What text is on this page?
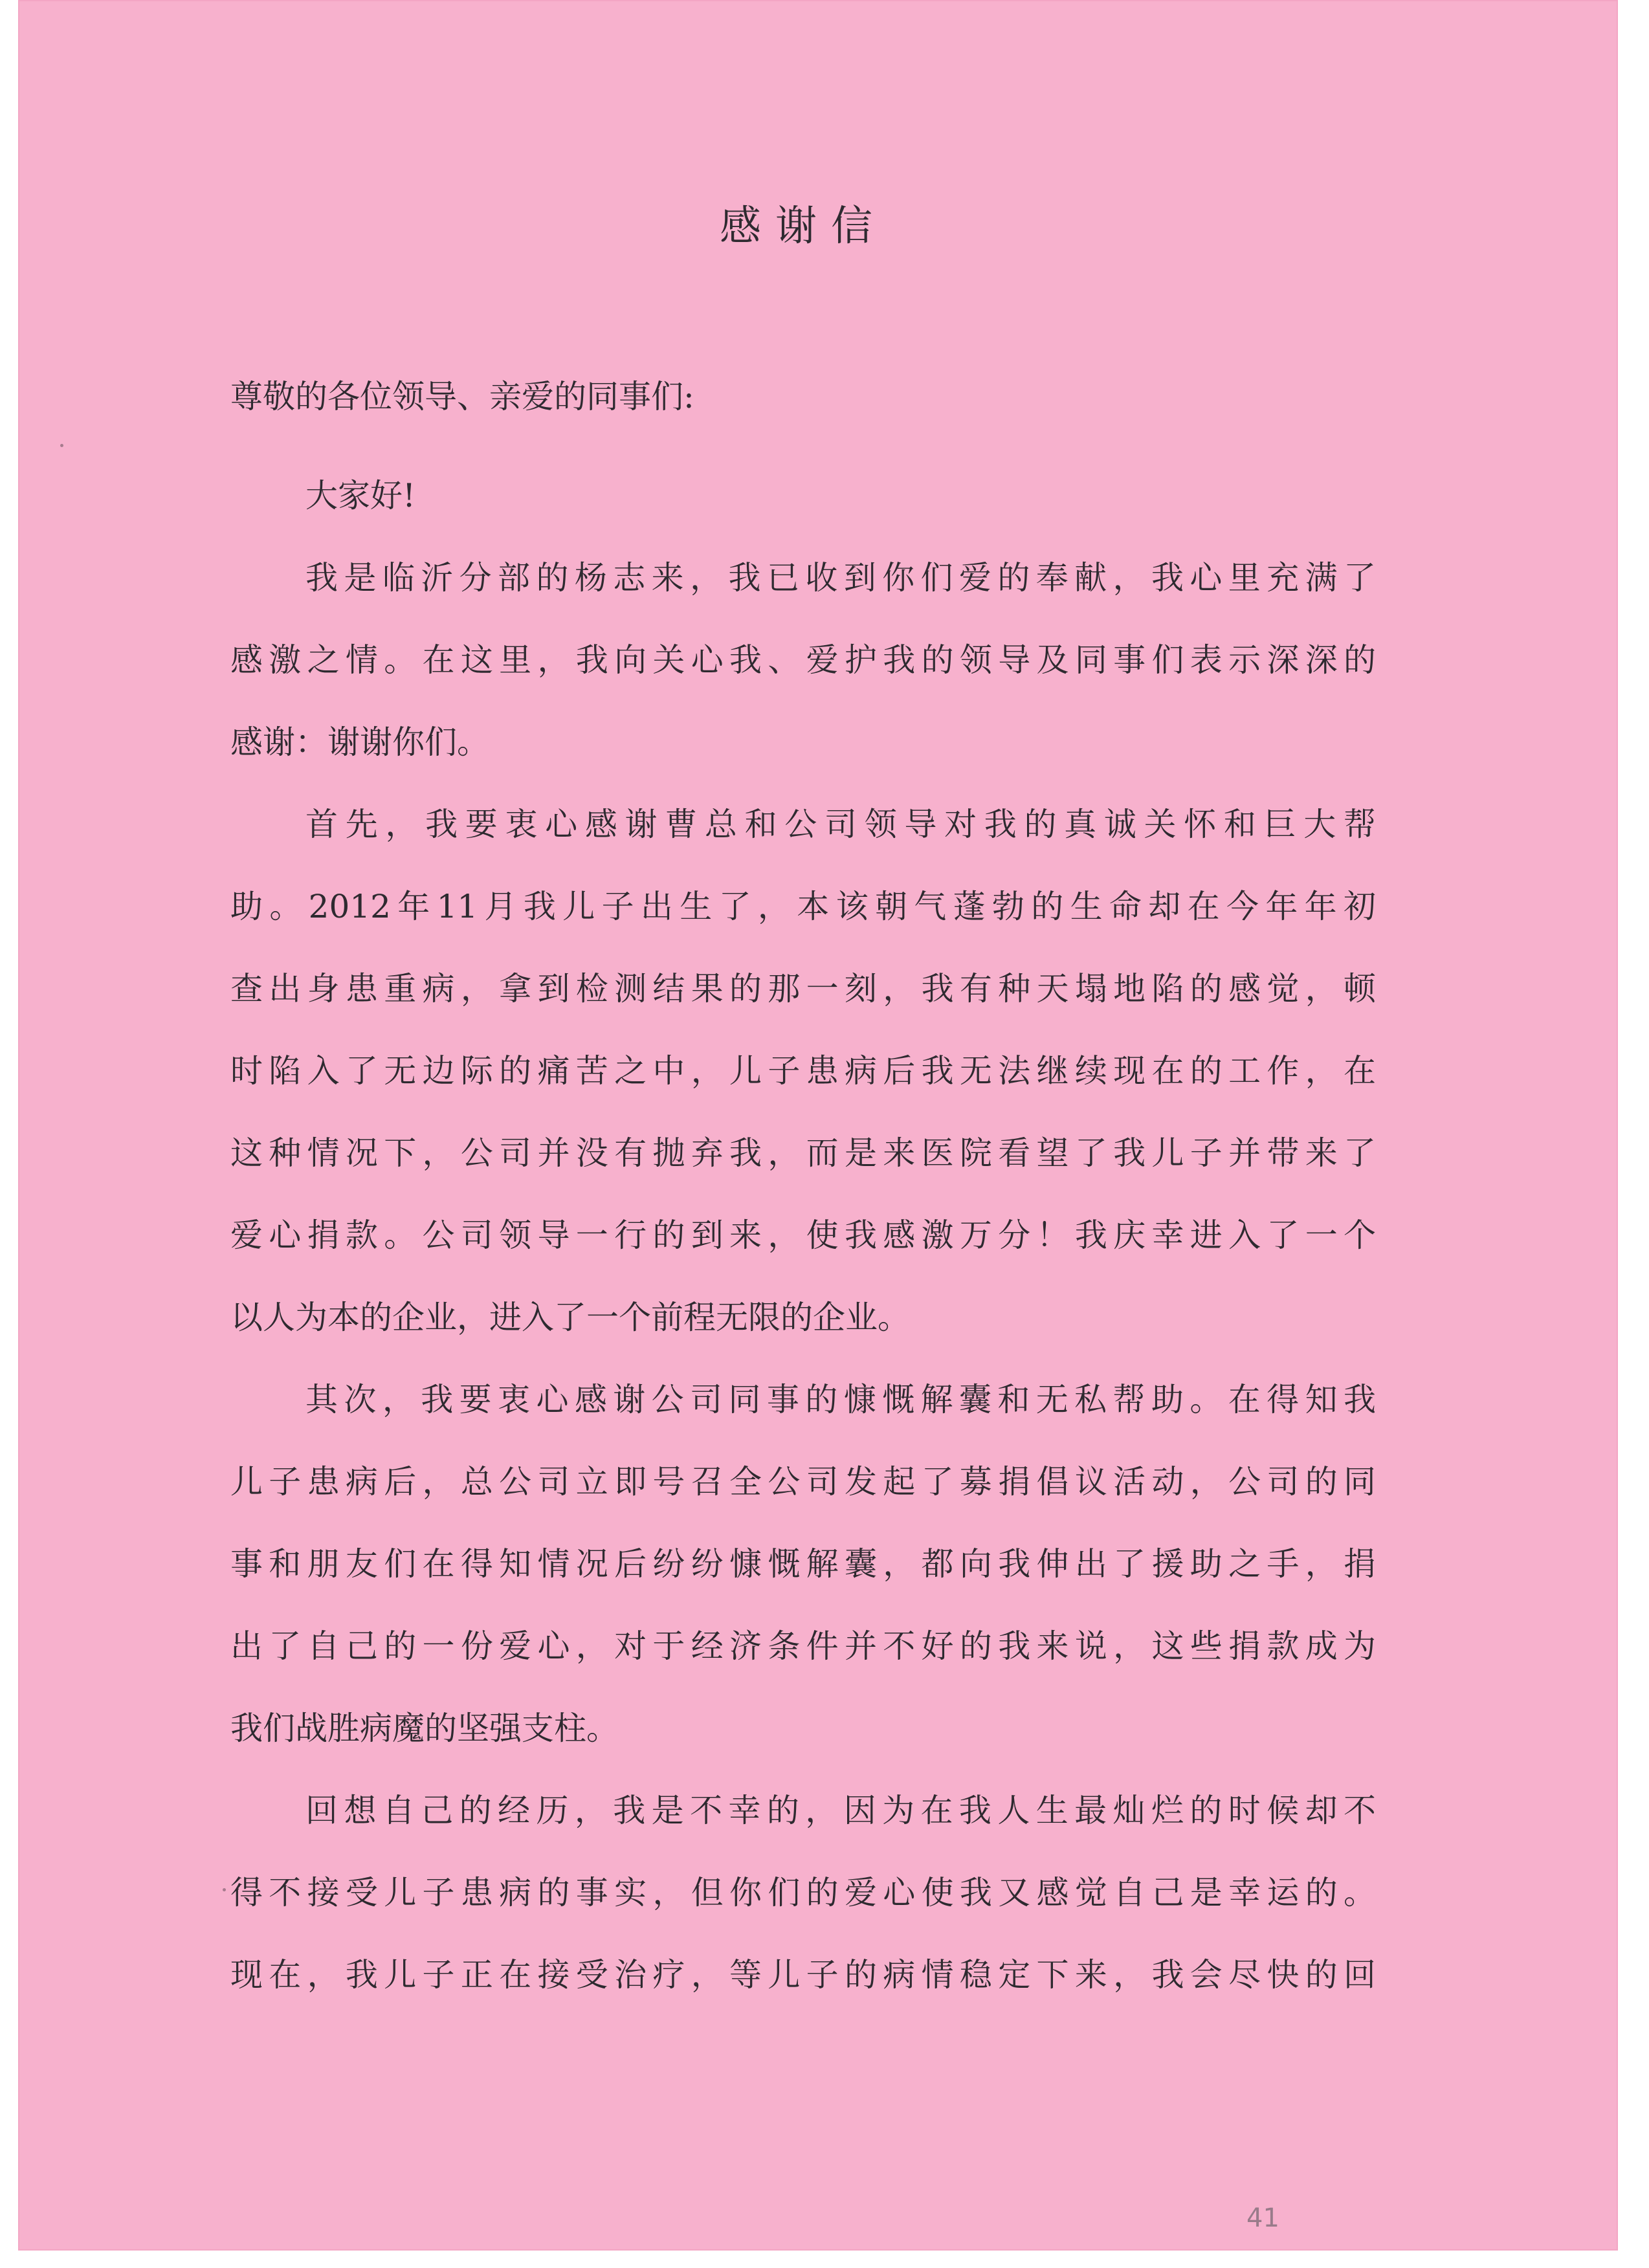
感谢信
尊敬的各位领导、亲爱的同事们:
大家好!
我是临沂分部的杨志来，我已收到你们爱的奉献，我心里充满了
感激之情。在这里，我向关心我、爱护我的领导及同事们表示深深的
感谢：谢谢你们。
首先，我要衷心感谢曹总和公司领导对我的真诚关怀和巨大帮
助。2012年11月我儿子出生了，本该朝气蓬勃的生命却在今年年初
查出身患重病，拿到检测结果的那一刻，我有种天塌地陷的感觉，顿
时陷入了无边际的痛苦之中，儿子患病后我无法继续现在的工作，在
这种情况下，公司并没有抛弃我，而是来医院看望了我儿子并带来了
爱心捐款。公司领导一行的到来，使我感激万分！我庆幸进入了一个
以人为本的企业，进入了一个前程无限的企业。
其次，我要衷心感谢公司同事的慷慨解囊和无私帮助。在得知我
儿子患病后，总公司立即号召全公司发起了募捐倡议活动，公司的同
事和朋友们在得知情况后纷纷慷慨解囊，都向我伸出了援助之手，捐
出了自己的一份爱心，对于经济条件并不好的我来说，这些捐款成为
我们战胜病魔的坚强支柱。
回想自己的经历，我是不幸的，因为在我人生最灿烂的时候却不
得不接受儿子患病的事实，但你们的爱心使我又感觉自己是幸运的。
现在，我儿子正在接受治疗，等儿子的病情稳定下来，我会尽快的回
41
